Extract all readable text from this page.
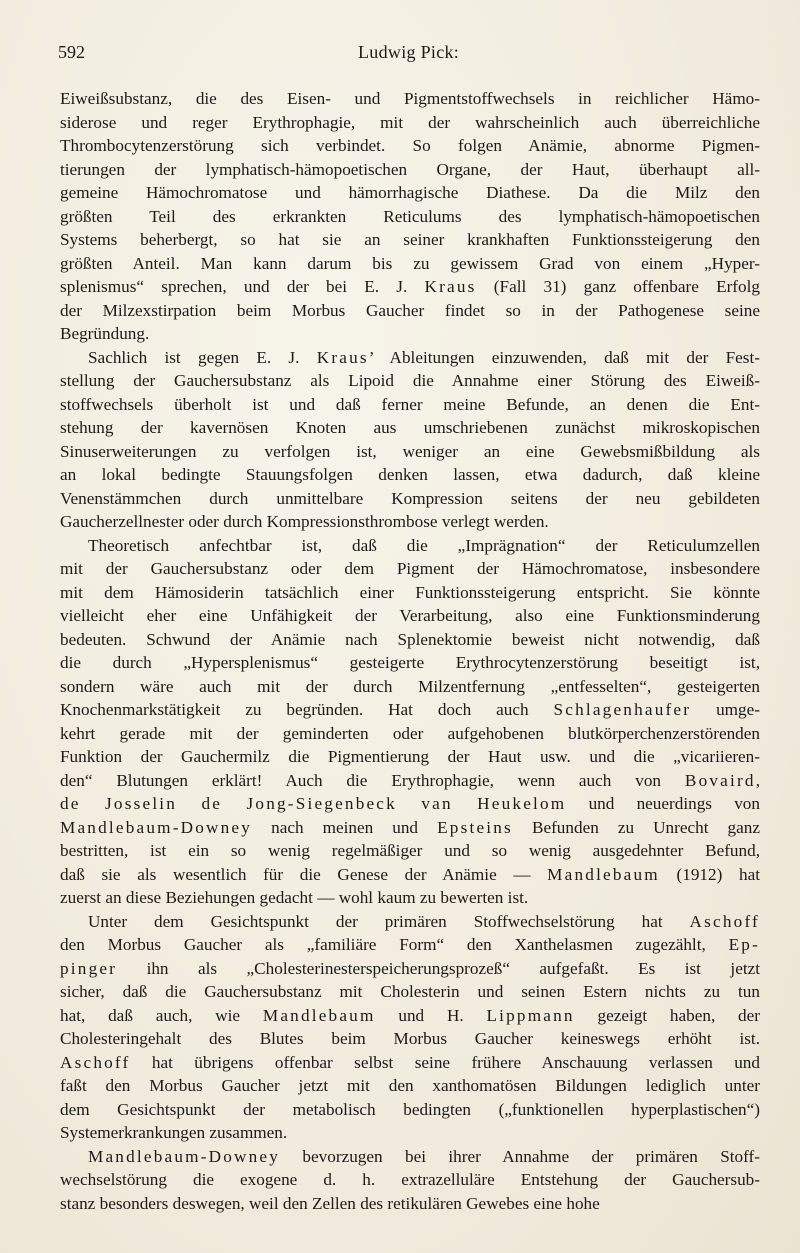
592	Ludwig Pick:
Eiweißsubstanz, die des Eisen- und Pigmentstoffwechsels in reichlicher Hämo-
siderose und reger Erythrophagie, mit der wahrscheinlich auch überreichliche
Thrombocytenzerstörung sich verbindet. So folgen Anämie, abnorme Pigmen-
tierungen der lymphatisch-hämopoetischen Organe, der Haut, überhaupt all-
gemeine Hämochromatose und hämorrhagische Diathese. Da die Milz den
größten Teil des erkrankten Reticulums des lymphatisch-hämopoetischen
Systems beherbergt, so hat sie an seiner krankhaften Funktionssteigerung den
größten Anteil. Man kann darum bis zu gewissem Grad von einem „Hyper-
splenismus“ sprechen, und der bei E. J. Kraus (Fall 31) ganz offenbare Erfolg
der Milzexstirpation beim Morbus Gaucher findet so in der Pathogenese seine
Begründung.
Sachlich ist gegen E. J. Kraus’ Ableitungen einzuwenden, daß mit der Fest-
stellung der Gauchersubstanz als Lipoid die Annahme einer Störung des Eiweiß-
stoffwechsels überholt ist und daß ferner meine Befunde, an denen die Ent-
stehung der kavernösen Knoten aus umschriebenen zunächst mikroskopischen
Sinuserweiterungen zu verfolgen ist, weniger an eine Gewebsmißbildung als
an lokal bedingte Stauungsfolgen denken lassen, etwa dadurch, daß kleine
Venenstämmchen durch unmittelbare Kompression seitens der neu gebildeten
Gaucherzellnester oder durch Kompressionsthrombose verlegt werden.
Theoretisch anfechtbar ist, daß die „Imprägnation“ der Reticulumzellen
mit der Gauchersubstanz oder dem Pigment der Hämochromatose, insbesondere
mit dem Hämosiderin tatsächlich einer Funktionssteigerung entspricht. Sie könnte
vielleicht eher eine Unfähigkeit der Verarbeitung, also eine Funktionsminderung
bedeuten. Schwund der Anämie nach Splenektomie beweist nicht notwendig, daß
die durch „Hypersplenismus“ gesteigerte Erythrocytenzerstörung beseitigt ist,
sondern wäre auch mit der durch Milzentfernung „entfesselten“, gesteigerten
Knochenmarkstätigkeit zu begründen. Hat doch auch Schlagenhaufer umge-
kehrt gerade mit der geminderten oder aufgehobenen blutkörperchenzerstörenden
Funktion der Gauchermilz die Pigmentierung der Haut usw. und die „vicariieren-
den“ Blutungen erklärt! Auch die Erythrophagie, wenn auch von Bovaird,
de Josselin de Jong-Siegenbeck van Heukelom und neuerdings von
Mandlebaum-Downey nach meinen und Epsteins Befunden zu Unrecht ganz
bestritten, ist ein so wenig regelmäßiger und so wenig ausgedehnter Befund,
daß sie als wesentlich für die Genese der Anämie — Mandlebaum (1912) hat
zuerst an diese Beziehungen gedacht — wohl kaum zu bewerten ist.
Unter dem Gesichtspunkt der primären Stoffwechselstörung hat Aschoff
den Morbus Gaucher als „familiäre Form“ den Xanthelasmen zugezählt, Ep-
pinger ihn als „Cholesterinesterspeicherungsprozeß“ aufgefaßt. Es ist jetzt
sicher, daß die Gauchersubstanz mit Cholesterin und seinen Estern nichts zu tun
hat, daß auch, wie Mandlebaum und H. Lippmann gezeigt haben, der
Cholesteringehalt des Blutes beim Morbus Gaucher keineswegs erhöht ist.
Aschoff hat übrigens offenbar selbst seine frühere Anschauung verlassen und
faßt den Morbus Gaucher jetzt mit den xanthomatösen Bildungen lediglich unter
dem Gesichtspunkt der metabolisch bedingten („funktionellen hyperplastischen“)
Systemerkrankungen zusammen.
Mandlebaum-Downey bevorzugen bei ihrer Annahme der primären Stoff-
wechselstörung die exogene d. h. extrazelluläre Entstehung der Gauchersub-
stanz besonders deswegen, weil den Zellen des retikulären Gewebes eine hohe
